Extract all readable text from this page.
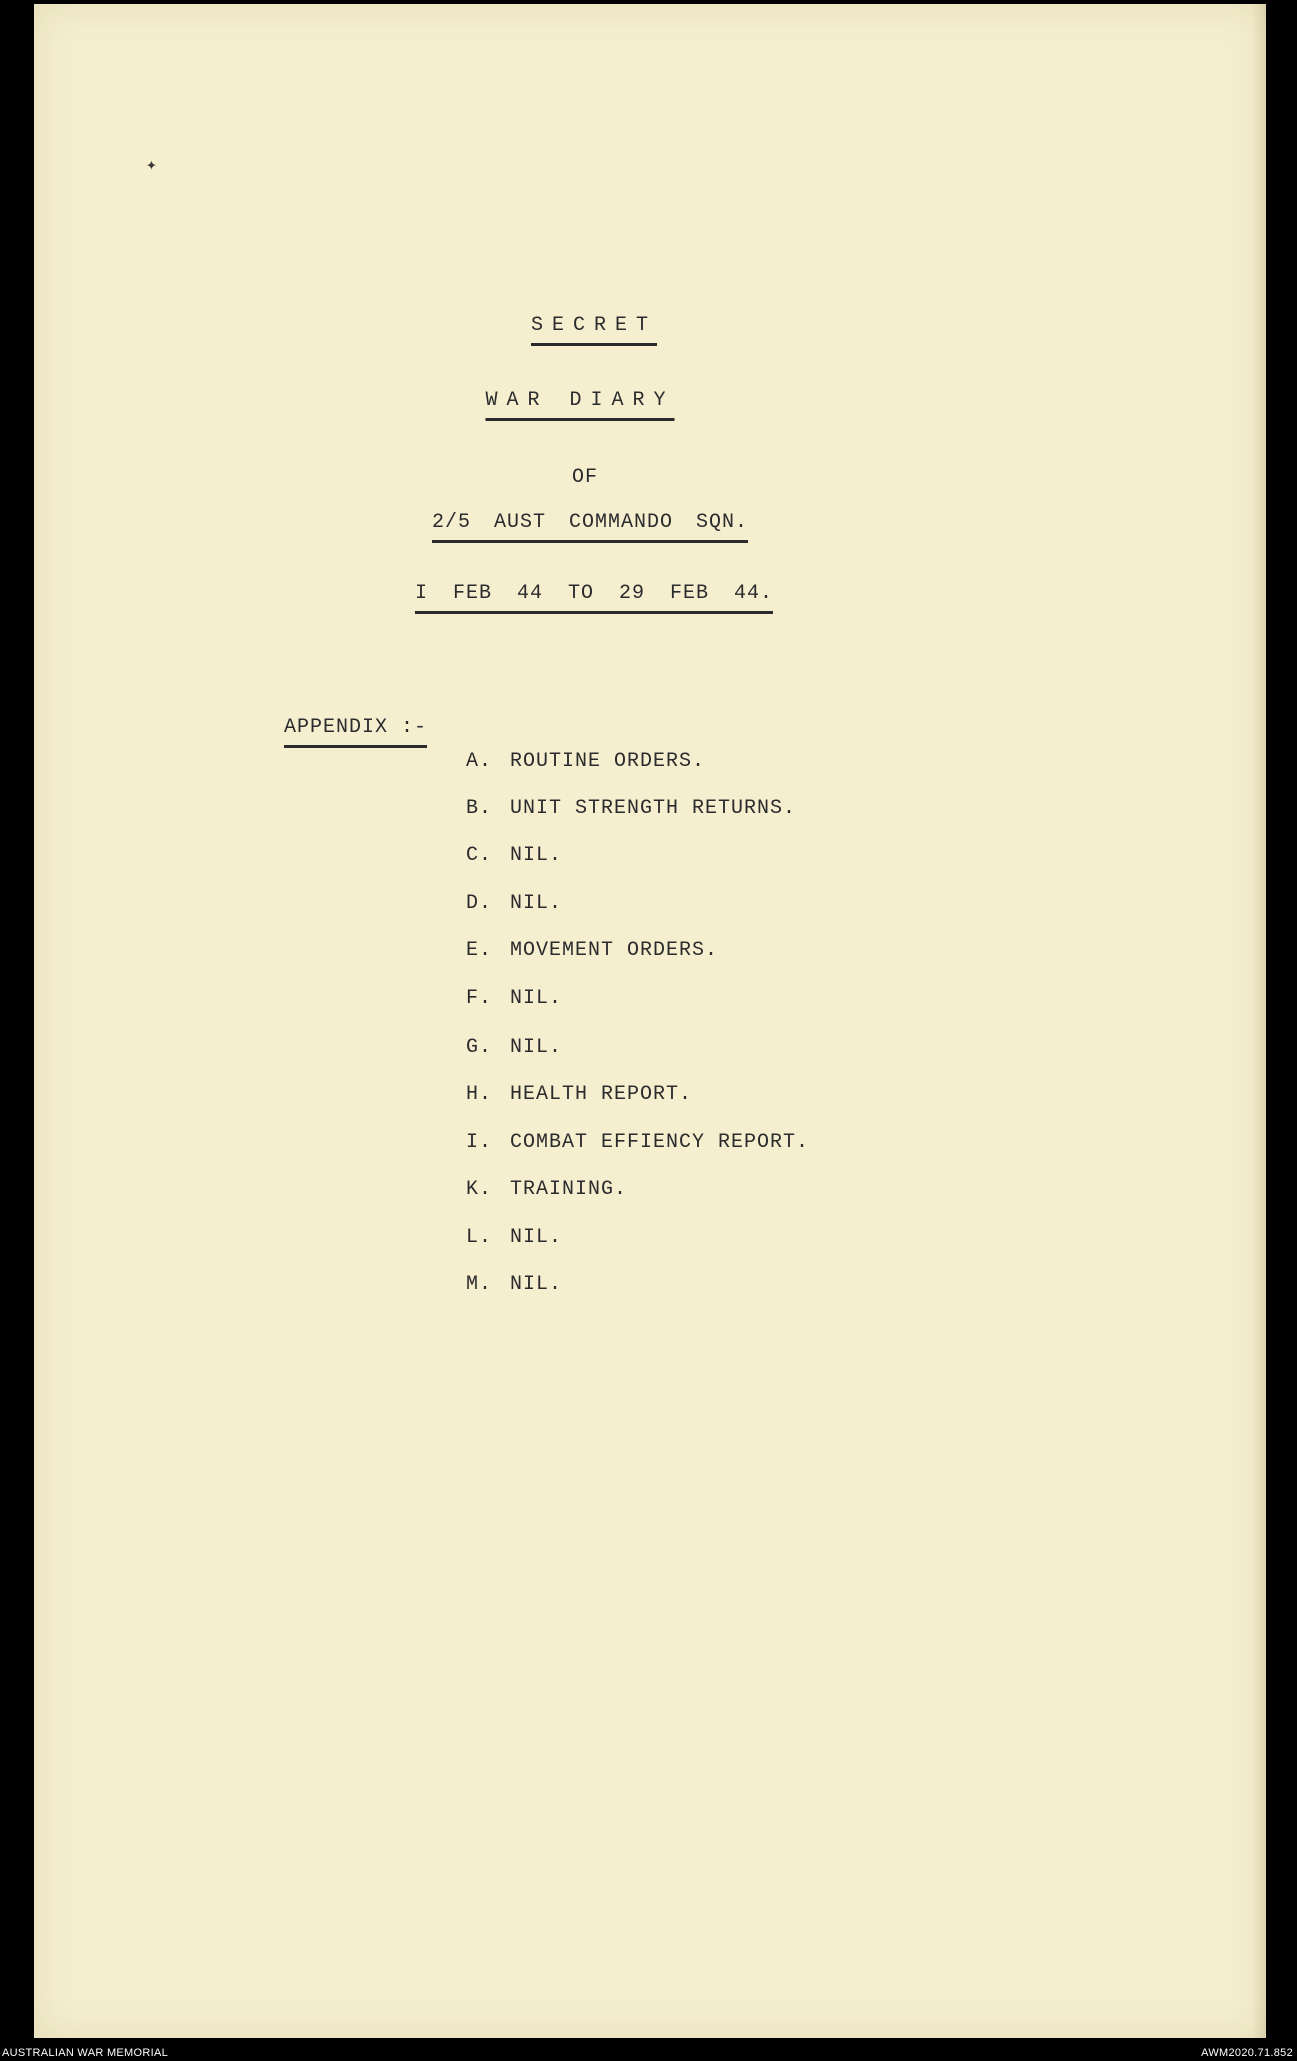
✦
SECRET
WAR DIARY
OF
2/5 AUST COMMANDO SQN.
I FEB 44 TO 29 FEB 44.
APPENDIX :-
A. ROUTINE ORDERS.
B. UNIT STRENGTH RETURNS.
C. NIL.
D. NIL.
E. MOVEMENT ORDERS.
F. NIL.
G. NIL.
H. HEALTH REPORT.
I. COMBAT EFFIENCY REPORT.
K. TRAINING.
L. NIL.
M. NIL.
AUSTRALIAN WAR MEMORIAL	AWM2020.71.852
